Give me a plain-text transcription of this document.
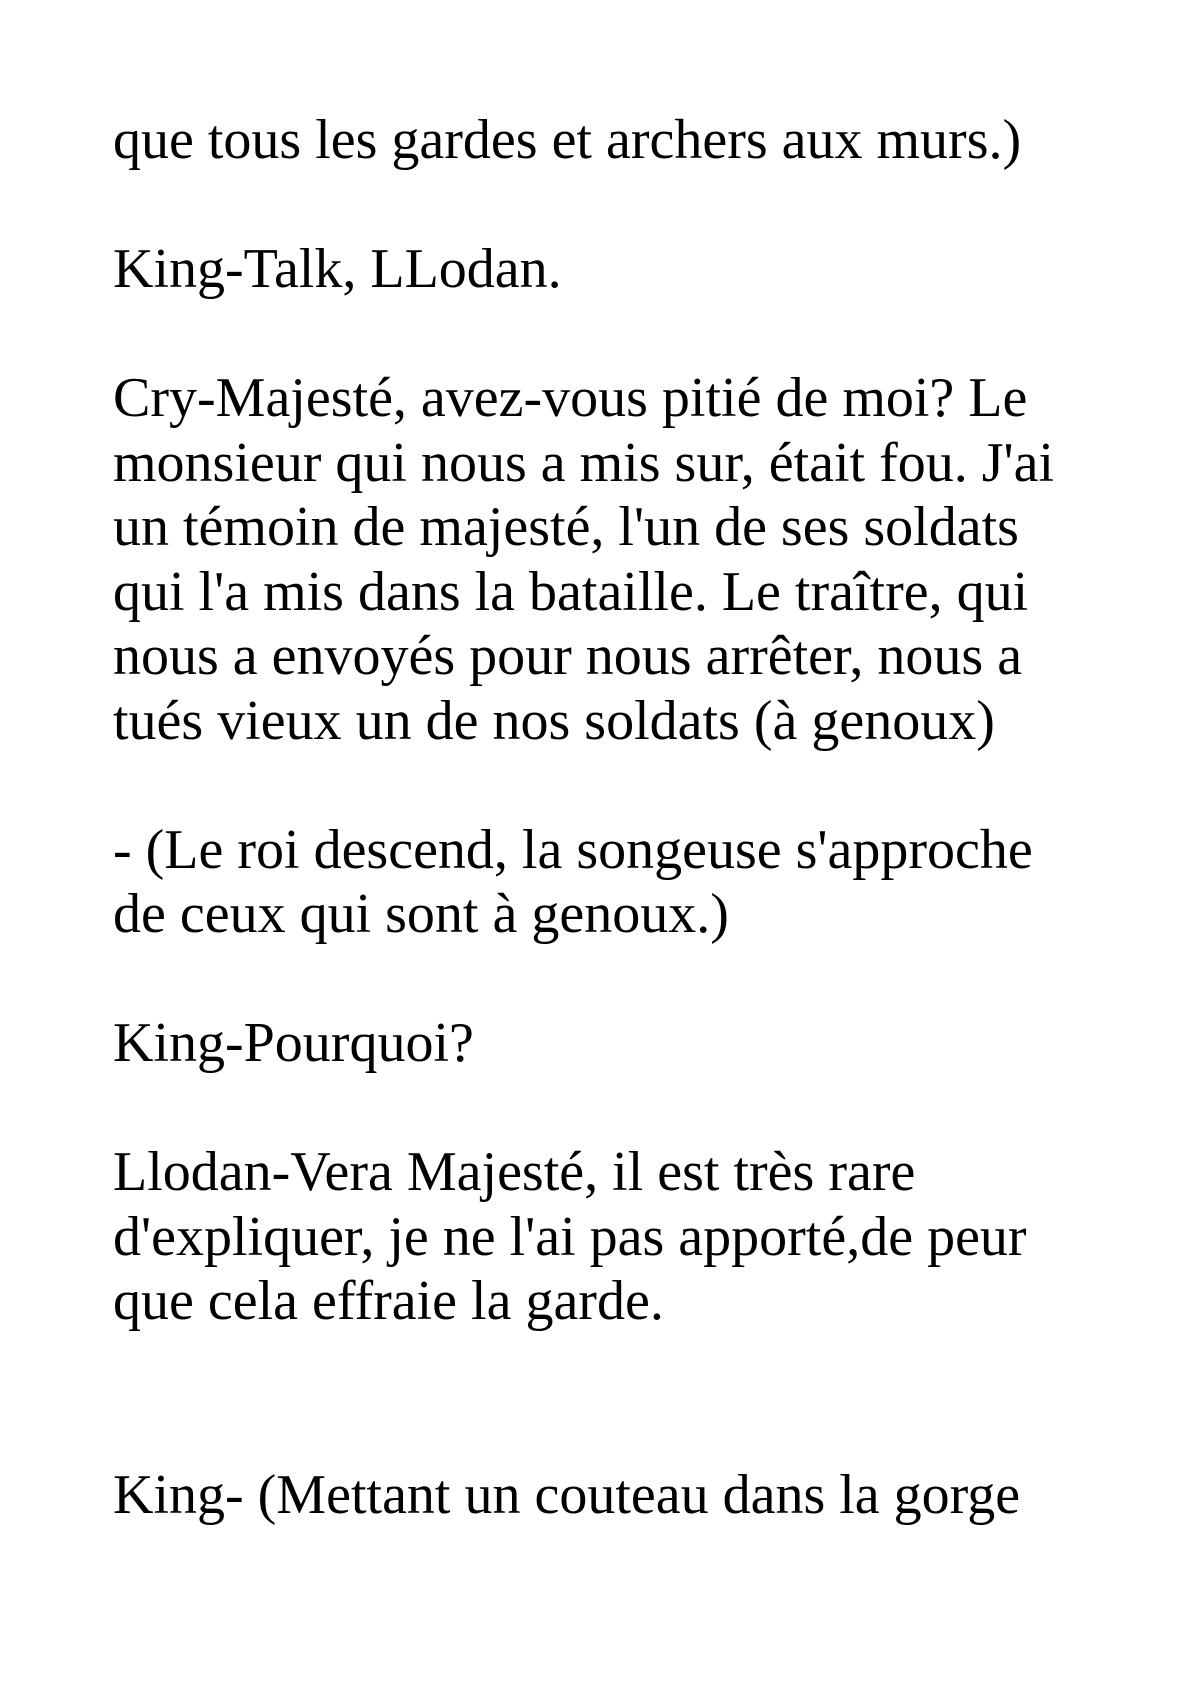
que tous les gardes et archers aux murs.)
King-Talk, LLodan.
Cry-Majesté, avez-vous pitié de moi? Le
monsieur qui nous a mis sur, était fou. J'ai
un témoin de majesté, l'un de ses soldats
qui l'a mis dans la bataille. Le traître, qui
nous a envoyés pour nous arrêter, nous a
tués vieux un de nos soldats (à genoux)
- (Le roi descend, la songeuse s'approche
de ceux qui sont à genoux.)
King-Pourquoi?
Llodan-Vera Majesté, il est très rare
d'expliquer, je ne l'ai pas apporté,de peur
que cela effraie la garde.
King- (Mettant un couteau dans la gorge
